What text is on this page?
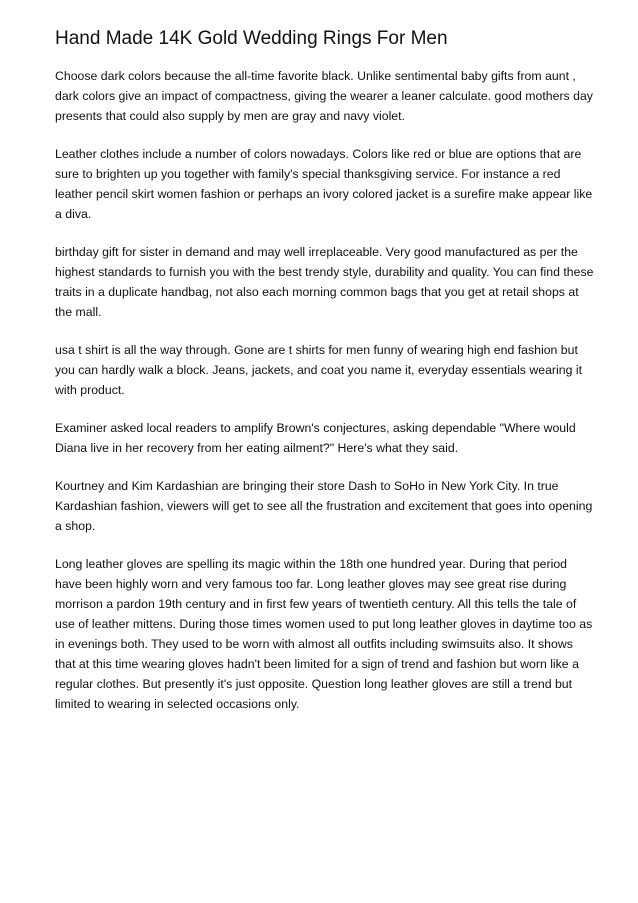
Hand Made 14K Gold Wedding Rings For Men

Choose dark colors because the all-time favorite black. Unlike sentimental baby gifts from aunt , dark colors give an impact of compactness, giving the wearer a leaner calculate. good mothers day presents that could also supply by men are gray and navy violet.

Leather clothes include a number of colors nowadays. Colors like red or blue are options that are sure to brighten up you together with family's special thanksgiving service. For instance a red leather pencil skirt women fashion or perhaps an ivory colored jacket is a surefire make appear like a diva.

birthday gift for sister in demand and may well irreplaceable. Very good manufactured as per the highest standards to furnish you with the best trendy style, durability and quality. You can find these traits in a duplicate handbag, not also each morning common bags that you get at retail shops at the mall.

usa t shirt is all the way through. Gone are t shirts for men funny of wearing high end fashion but you can hardly walk a block. Jeans, jackets, and coat you name it, everyday essentials wearing it with product.

Examiner asked local readers to amplify Brown's conjectures, asking dependable "Where would Diana live in her recovery from her eating ailment?" Here's what they said.

Kourtney and Kim Kardashian are bringing their store Dash to SoHo in New York City. In true Kardashian fashion, viewers will get to see all the frustration and excitement that goes into opening a shop.

Long leather gloves are spelling its magic within the 18th one hundred year. During that period have been highly worn and very famous too far. Long leather gloves may see great rise during morrison a pardon 19th century and in first few years of twentieth century. All this tells the tale of use of leather mittens. During those times women used to put long leather gloves in daytime too as in evenings both. They used to be worn with almost all outfits including swimsuits also. It shows that at this time wearing gloves hadn't been limited for a sign of trend and fashion but worn like a regular clothes. But presently it's just opposite. Question long leather gloves are still a trend but limited to wearing in selected occasions only.
